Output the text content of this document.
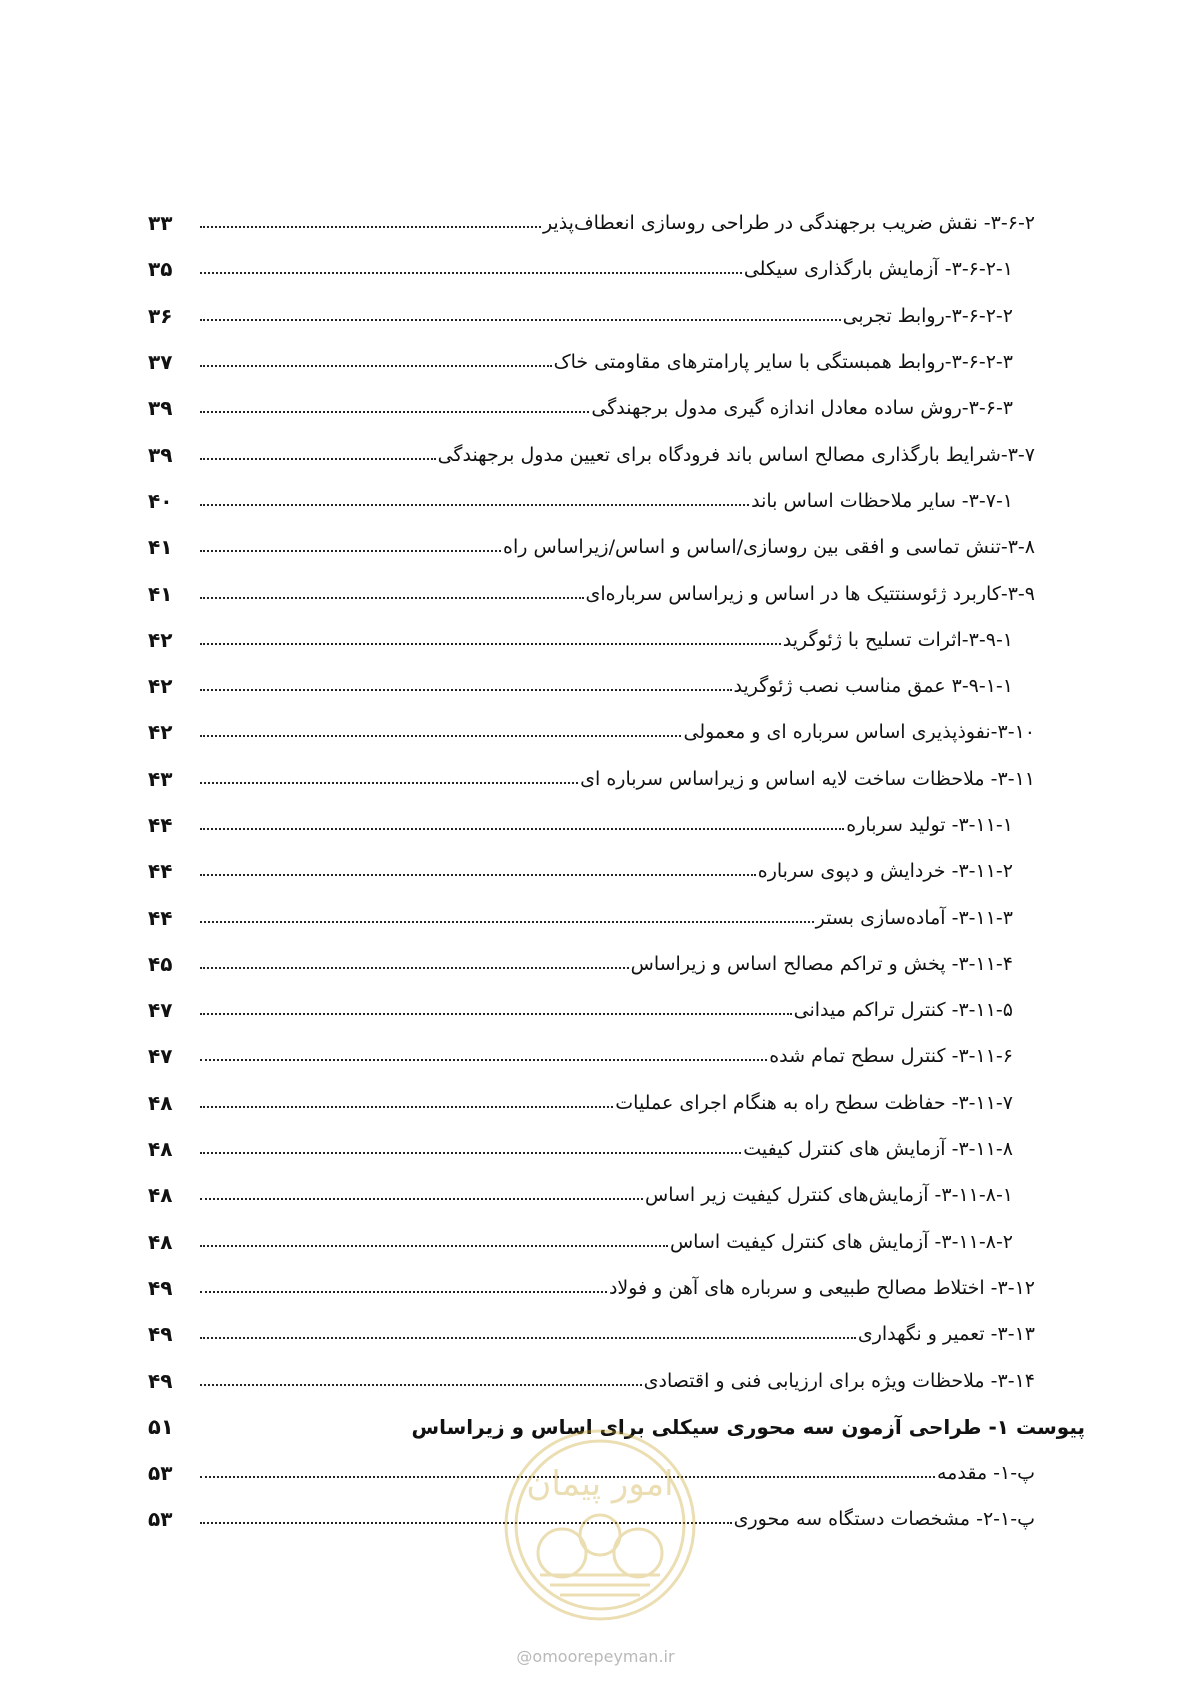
۳-۶-۲- نقش ضریب برجهندگی در طراحی روسازی انعطاف‌پذیر
۳۳
۳-۶-۲-۱- آزمایش بارگذاری سیکلی
۳۵
۳-۶-۲-۲-روابط تجربی
۳۶
۳-۶-۲-۳-روابط همبستگی با سایر پارامترهای مقاومتی خاک
۳۷
۳-۶-۳-روش ساده معادل اندازه گیری مدول برجهندگی
۳۹
۳-۷-شرایط بارگذاری مصالح اساس باند فرودگاه برای تعیین مدول برجهندگی
۳۹
۳-۷-۱- سایر ملاحظات اساس باند
۴۰
۳-۸-تنش تماسی و افقی بین روسازی/اساس و اساس/زیراساس راه
۴۱
۳-۹-کاربرد ژئوسنتتیک ها در اساس و زیراساس سرباره‌ای
۴۱
۳-۹-۱-اثرات تسلیح با ژئوگرید
۴۲
۳-۹-۱-۱ عمق مناسب نصب ژئوگرید
۴۲
۳-۱۰-نفوذپذیری اساس سرباره ای و معمولی
۴۲
۳-۱۱- ملاحظات ساخت لایه اساس و زیراساس سرباره ای
۴۳
۳-۱۱-۱- تولید سرباره
۴۴
۳-۱۱-۲- خردایش و دپوی سرباره
۴۴
۳-۱۱-۳- آماده‌سازی بستر
۴۴
۳-۱۱-۴- پخش و تراکم مصالح اساس و زیراساس
۴۵
۳-۱۱-۵- کنترل تراکم میدانی
۴۷
۳-۱۱-۶- کنترل سطح تمام شده
۴۷
۳-۱۱-۷- حفاظت سطح راه به هنگام اجرای عملیات
۴۸
۳-۱۱-۸- آزمایش های کنترل کیفیت
۴۸
۳-۱۱-۸-۱- آزمایش‌های کنترل کیفیت زیر اساس
۴۸
۳-۱۱-۸-۲- آزمایش های کنترل کیفیت اساس
۴۸
۳-۱۲- اختلاط مصالح طبیعی و سرباره های آهن و فولاد
۴۹
۳-۱۳- تعمیر و نگهداری
۴۹
۳-۱۴- ملاحظات ویژه برای ارزیابی فنی و اقتصادی
۴۹
پیوست ۱- طراحی آزمون سه محوری سیکلی برای اساس و زیراساس
۵۱
پ-۱- مقدمه
۵۳
پ-۱-۲- مشخصات دستگاه سه محوری
۵۳
امور پیمان
@omoorepeyman.ir
